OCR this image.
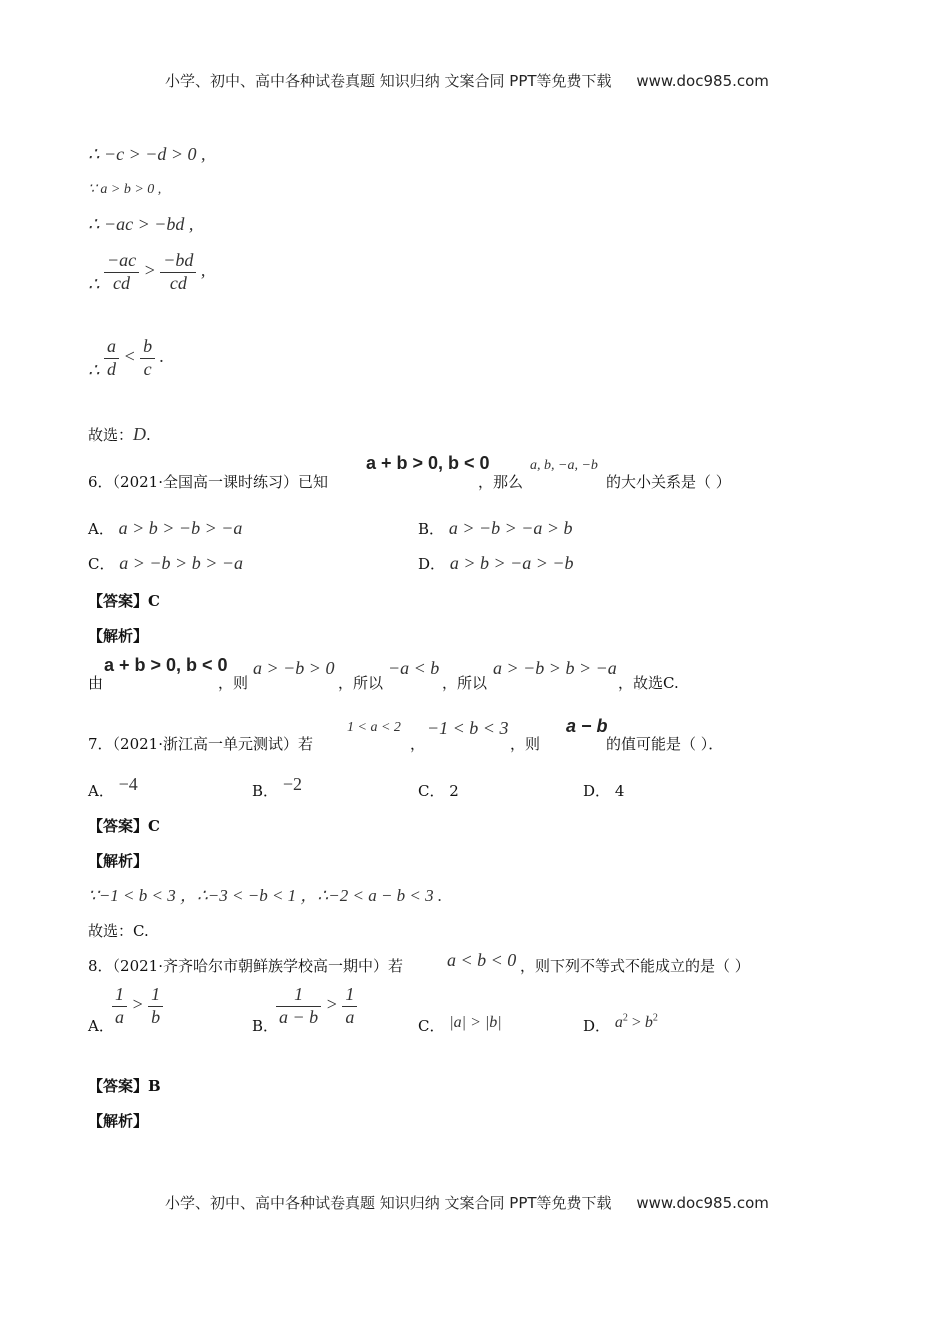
小学、初中、高中各种试卷真题 知识归纳 文案合同 PPT等免费下载 www.doc985.com
∴ −c > −d > 0 ,
∵ a > b > 0 ,
∴ −ac > −bd ,
∴ $\frac{-ac}{cd} > \frac{-bd}{cd}$ ,
∴ $\frac{a}{d} < \frac{b}{c}$ .
故选：D.
6．（2021·全国高一课时练习）已知
a + b > 0, b < 0
，那么
a, b, −a, −b
的大小关系是（ ）
A． a > b > −b > −a	B． a > −b > −a > b
C． a > −b > b > −a	D． a > b > −a > −b
【答案】C
【解析】
a + b > 0, b < 0
由	，则
a > −b > 0
，所以
−a < b
，所以
a > −b > b > −a
，故选C.
7．（2021·浙江高一单元测试）若
1 < a < 2
，
−1 < b < 3
，则
a − b
的值可能是（ ）．
A． −4	B． −2	C． 2	D． 4
【答案】C
【解析】
∵−1 < b < 3 ，∴−3 < −b < 1 ，∴−2 < a − b < 3 .
故选：C.
8．（2021·齐齐哈尔市朝鲜族学校高一期中）若 a < b < 0 ，则下列不等式不能成立的是（ ）
A．
$\frac{1}{a} > \frac{1}{b}$	B．
$\frac{1}{a - b} > \frac{1}{a}$	C． |a| > |b|	D． $a^2 > b^2$
【答案】B
【解析】
小学、初中、高中各种试卷真题 知识归纳 文案合同 PPT等免费下载 www.doc985.com
